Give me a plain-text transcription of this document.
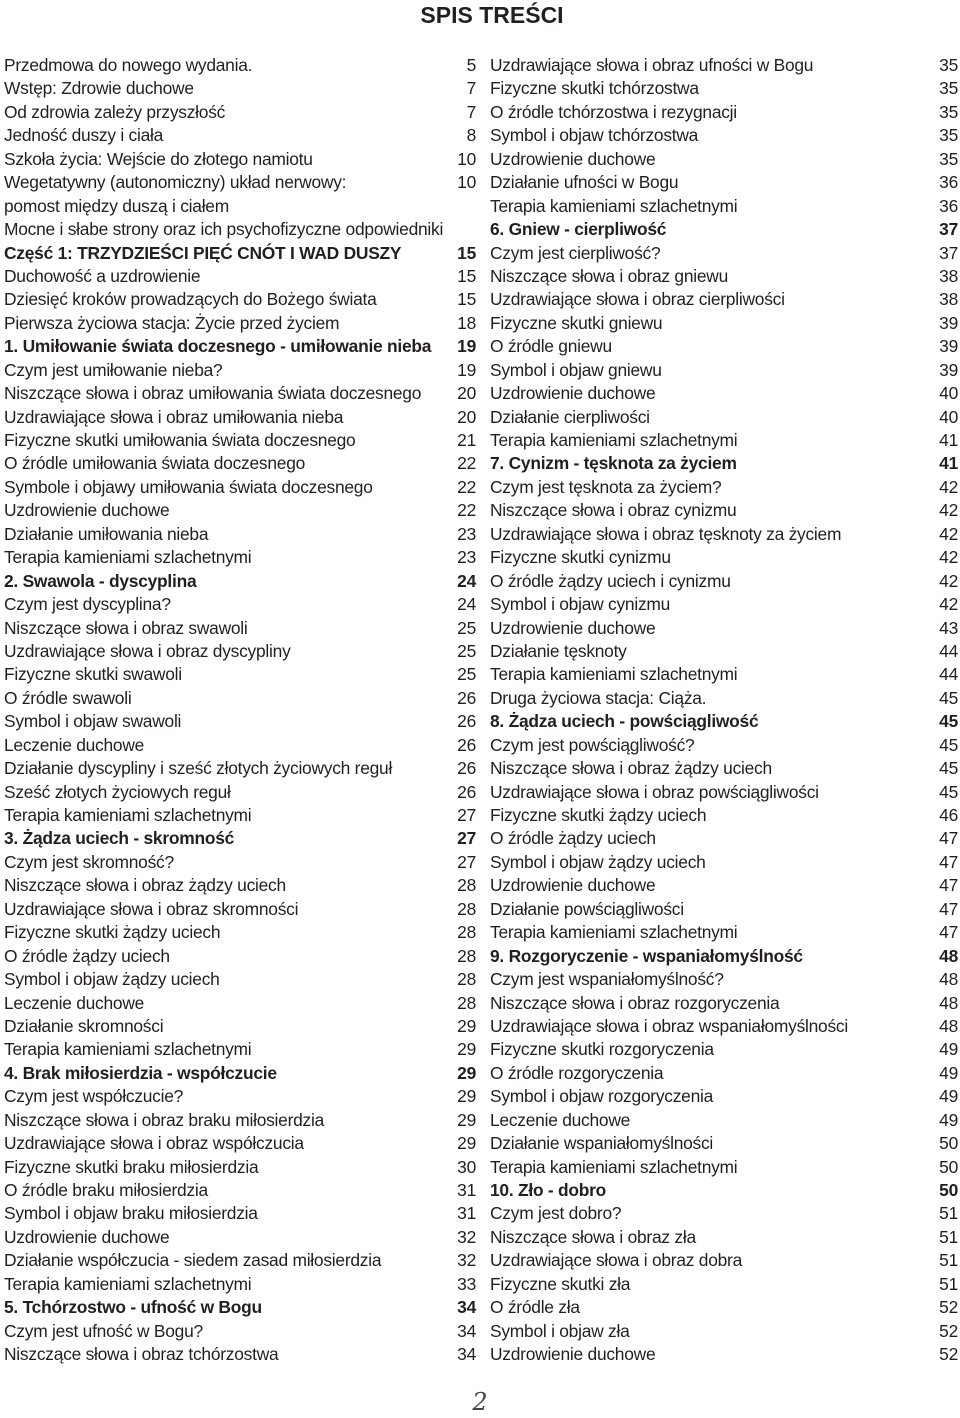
SPIS TREŚCI
Przedmowa do nowego wydania.	5
Wstęp: Zdrowie duchowe	7
Od zdrowia zależy przyszłość	7
Jedność duszy i ciała	8
Szkoła życia: Wejście do złotego namiotu	10
Wegetatywny (autonomiczny) układ nerwowy:	10
pomost między duszą i ciałem
Mocne i słabe strony oraz ich psychofizyczne odpowiedniki
Część 1: TRZYDZIEŚCI PIĘĆ CNÓT I WAD DUSZY	15
Duchowość a uzdrowienie	15
Dziesięć kroków prowadzących do Bożego świata	15
Pierwsza życiowa stacja: Życie przed życiem	18
1. Umiłowanie świata doczesnego - umiłowanie nieba	19
Czym jest umiłowanie nieba?	19
Niszczące słowa i obraz umiłowania świata doczesnego	20
Uzdrawiające słowa i obraz umiłowania nieba	20
Fizyczne skutki umiłowania świata doczesnego	21
O źródle umiłowania świata doczesnego	22
Symbole i objawy umiłowania świata doczesnego	22
Uzdrowienie duchowe	22
Działanie umiłowania nieba	23
Terapia kamieniami szlachetnymi	23
2. Swawola - dyscyplina	24
Czym jest dyscyplina?	24
Niszczące słowa i obraz swawoli	25
Uzdrawiające słowa i obraz dyscypliny	25
Fizyczne skutki swawoli	25
O źródle swawoli	26
Symbol i objaw swawoli	26
Leczenie duchowe	26
Działanie dyscypliny i sześć złotych życiowych reguł	26
Sześć złotych życiowych reguł	26
Terapia kamieniami szlachetnymi	27
3. Żądza uciech - skromność	27
Czym jest skromność?	27
Niszczące słowa i obraz żądzy uciech	28
Uzdrawiające słowa i obraz skromności	28
Fizyczne skutki żądzy uciech	28
O źródle żądzy uciech	28
Symbol i objaw żądzy uciech	28
Leczenie duchowe	28
Działanie skromności	29
Terapia kamieniami szlachetnymi	29
4. Brak miłosierdzia - współczucie	29
Czym jest współczucie?	29
Niszczące słowa i obraz braku miłosierdzia	29
Uzdrawiające słowa i obraz współczucia	29
Fizyczne skutki braku miłosierdzia	30
O źródle braku miłosierdzia	31
Symbol i objaw braku miłosierdzia	31
Uzdrowienie duchowe	32
Działanie współczucia - siedem zasad miłosierdzia	32
Terapia kamieniami szlachetnymi	33
5. Tchórzostwo - ufność w Bogu	34
Czym jest ufność w Bogu?	34
Niszczące słowa i obraz tchórzostwa	34
Uzdrawiające słowa i obraz ufności w Bogu	35
Fizyczne skutki tchórzostwa	35
O źródle tchórzostwa i rezygnacji	35
Symbol i objaw tchórzostwa	35
Uzdrowienie duchowe	35
Działanie ufności w Bogu	36
Terapia kamieniami szlachetnymi	36
6. Gniew - cierpliwość	37
Czym jest cierpliwość?	37
Niszczące słowa i obraz gniewu	38
Uzdrawiające słowa i obraz cierpliwości	38
Fizyczne skutki gniewu	39
O źródle gniewu	39
Symbol i objaw gniewu	39
Uzdrowienie duchowe	40
Działanie cierpliwości	40
Terapia kamieniami szlachetnymi	41
7. Cynizm - tęsknota za życiem	41
Czym jest tęsknota za życiem?	42
Niszczące słowa i obraz cynizmu	42
Uzdrawiające słowa i obraz tęsknoty za życiem	42
Fizyczne skutki cynizmu	42
O źródle żądzy uciech i cynizmu	42
Symbol i objaw cynizmu	42
Uzdrowienie duchowe	43
Działanie tęsknoty	44
Terapia kamieniami szlachetnymi	44
Druga życiowa stacja: Ciąża.	45
8. Żądza uciech - powściągliwość	45
Czym jest powściągliwość?	45
Niszczące słowa i obraz żądzy uciech	45
Uzdrawiające słowa i obraz powściągliwości	45
Fizyczne skutki żądzy uciech	46
O źródle żądzy uciech	47
Symbol i objaw żądzy uciech	47
Uzdrowienie duchowe	47
Działanie powściągliwości	47
Terapia kamieniami szlachetnymi	47
9. Rozgoryczenie - wspaniałomyślność	48
Czym jest wspaniałomyślność?	48
Niszczące słowa i obraz rozgoryczenia	48
Uzdrawiające słowa i obraz wspaniałomyślności	48
Fizyczne skutki rozgoryczenia	49
O źródle rozgoryczenia	49
Symbol i objaw rozgoryczenia	49
Leczenie duchowe	49
Działanie wspaniałomyślności	50
Terapia kamieniami szlachetnymi	50
10. Zło - dobro	50
Czym jest dobro?	51
Niszczące słowa i obraz zła	51
Uzdrawiające słowa i obraz dobra	51
Fizyczne skutki zła	51
O źródle zła	52
Symbol i objaw zła	52
Uzdrowienie duchowe	52
2
